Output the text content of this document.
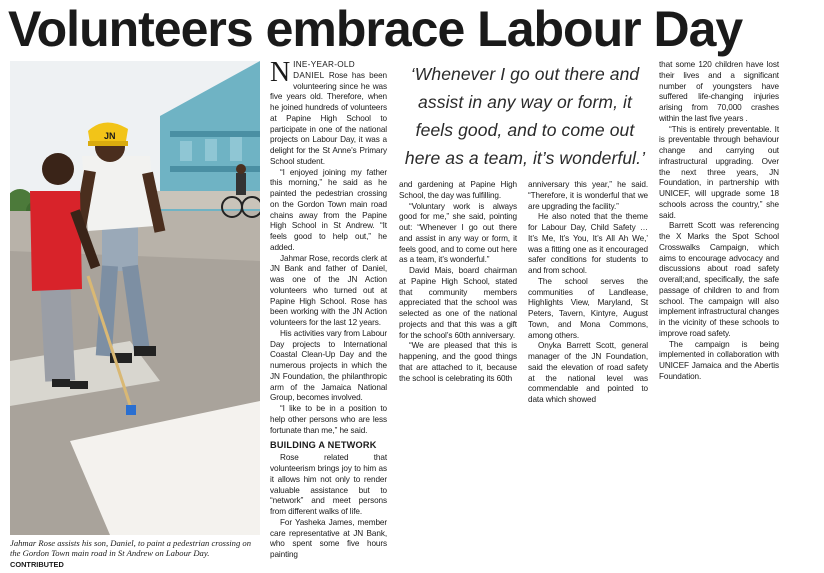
Volunteers embrace Labour Day
JN
Jahmar Rose assists his son, Daniel, to paint a pedestrian crossing on the Gordon Town main road in St Andrew on Labour Day. CONTRIBUTED

NINE-YEAR-OLD DANIEL Rose has been volunteering since he was five years old. Therefore, when he joined hundreds of volunteers at Papine High School to participate in one of the national projects on Labour Day, it was a delight for the St Anne’s Primary School student.

“I enjoyed joining my father this morning,” he said as he painted the pedestrian crossing on the Gordon Town main road chains away from the Papine High School in St Andrew. “It feels good to help out,” he added.

Jahmar Rose, records clerk at JN Bank and father of Daniel, was one of the JN Action volunteers who turned out at Papine High School. Rose has been working with the JN Action volunteers for the last 12 years.

His activities vary from Labour Day projects to International Coastal Clean-Up Day and the numerous projects in which the JN Foundation, the philanthropic arm of the Jamaica National Group, becomes involved.

“I like to be in a position to help other persons who are less fortunate than me,” he said.

BUILDING A NETWORK

Rose related that volunteerism brings joy to him as it allows him not only to render valuable assistance but to “network” and meet persons from different walks of life.

For Yasheka James, member care representative at JN Bank, who spent some five hours painting

‘Whenever I go out there and assist in any way or form, it feels good, and to come out here as a team, it’s wonderful.’

and gardening at Papine High School, the day was fulfilling.

“Voluntary work is always good for me,” she said, pointing out: “Whenever I go out there and assist in any way or form, it feels good, and to come out here as a team, it’s wonderful.”

David Mais, board chairman at Papine High School, stated that community members appreciated that the school was selected as one of the national projects and that this was a gift for the school’s 60th anniversary.

“We are pleased that this is happening, and the good things that are attached to it, because the school is celebrating its 60th

anniversary this year,” he said. “Therefore, it is wonderful that we are upgrading the facility.”

He also noted that the theme for Labour Day, Child Safety … It’s Me, It’s You, It’s All Ah We,’ was a fitting one as it encouraged safer conditions for students to and from school.

The school serves the communities of Landlease, Highlights View, Maryland, St Peters, Tavern, Kintyre, August Town, and Mona Commons, among others.

Onyka Barrett Scott, general manager of the JN Foundation, said the elevation of road safety at the national level was commendable and pointed to data which showed

that some 120 children have lost their lives and a significant number of youngsters have suffered life-changing injuries arising from 70,000 crashes within the last five years .

“This is entirely preventable. It is preventable through behaviour change and carrying out infrastructural upgrading. Over the next three years, JN Foundation, in partnership with UNICEF, will upgrade some 18 schools across the country,” she said.

Barrett Scott was referencing the X Marks the Spot School Crosswalks Campaign, which aims to encourage advocacy and discussions about road safety overall;and, specifically, the safe passage of children to and from school. The campaign will also implement infrastructural changes in the vicinity of these schools to improve road safety.

The campaign is being implemented in collaboration with UNICEF Jamaica and the Abertis Foundation.
